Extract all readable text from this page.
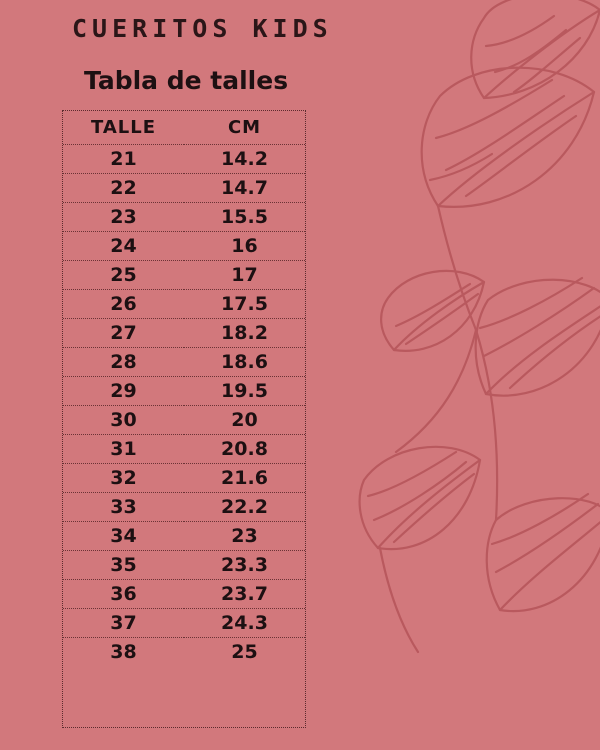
CUERITOS KIDS
Tabla de talles
TALLE	CM
21	14.2
22	14.7
23	15.5
24	16
25	17
26	17.5
27	18.2
28	18.6
29	19.5
30	20
31	20.8
32	21.6
33	22.2
34	23
35	23.3
36	23.7
37	24.3
38	25
